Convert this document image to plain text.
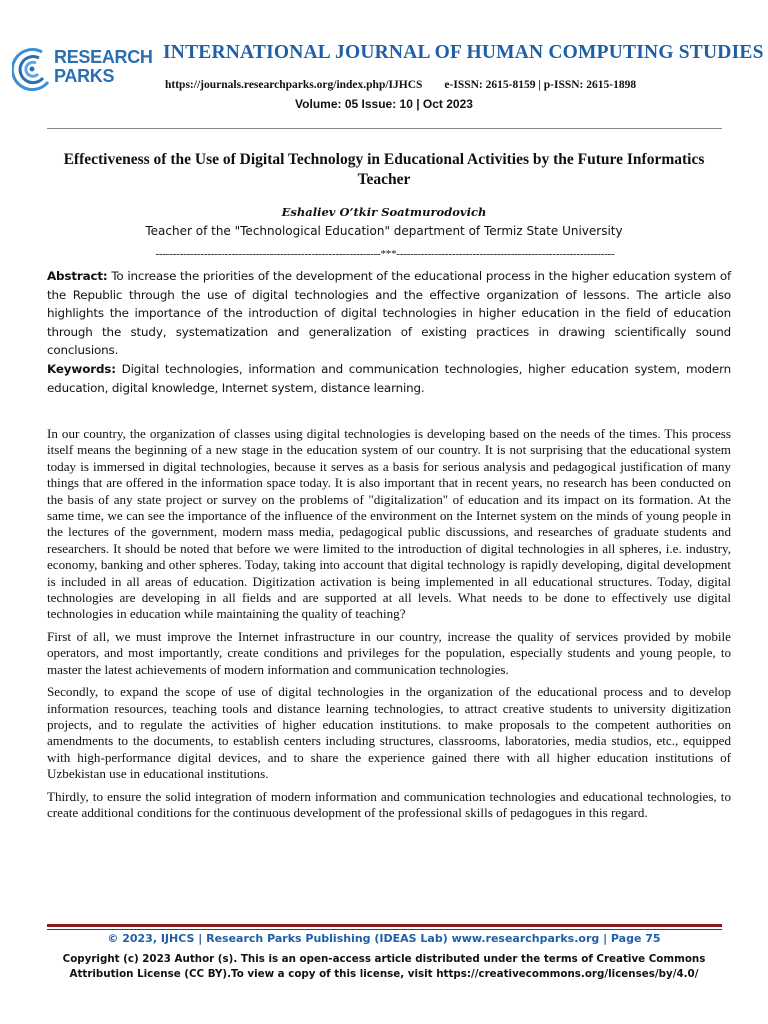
RESEARCH
PARKS
INTERNATIONAL JOURNAL OF HUMAN COMPUTING STUDIES
https://journals.researchparks.org/index.php/IJHCS e-ISSN: 2615-8159 | p-ISSN: 2615-1898
Volume: 05 Issue: 10 | Oct 2023
Effectiveness of the Use of Digital Technology in Educational Activities by the Future Informatics Teacher
Eshaliev O’tkir Soatmurodovich
Teacher of the "Technological Education" department of Termiz State University
-----------------------------------------------------------------***---------------------------------------------------------------
Abstract: To increase the priorities of the development of the educational process in the higher education system of the Republic through the use of digital technologies and the effective organization of lessons. The article also highlights the importance of the introduction of digital technologies in higher education in the field of education through the study, systematization and generalization of existing practices in drawing scientifically sound conclusions.
Keywords: Digital technologies, information and communication technologies, higher education system, modern education, digital knowledge, Internet system, distance learning.

In our country, the organization of classes using digital technologies is developing based on the needs of the times. This process itself means the beginning of a new stage in the education system of our country. It is not surprising that the educational system today is immersed in digital technologies, because it serves as a basis for serious analysis and pedagogical justification of many things that are offered in the information space today. It is also important that in recent years, no research has been conducted on the basis of any state project or survey on the problems of "digitalization" of education and its impact on its formation. At the same time, we can see the importance of the influence of the environment on the Internet system on the minds of young people in the lectures of the government, modern mass media, pedagogical public discussions, and researches of graduate students and researchers. It should be noted that before we were limited to the introduction of digital technologies in all spheres, i.e. industry, economy, banking and other spheres. Today, taking into account that digital technology is rapidly developing, digital development is included in all areas of education. Digitization activation is being implemented in all educational structures. Today, digital technologies are developing in all fields and are supported at all levels. What needs to be done to effectively use digital technologies in education while maintaining the quality of teaching?

First of all, we must improve the Internet infrastructure in our country, increase the quality of services provided by mobile operators, and most importantly, create conditions and privileges for the population, especially students and young people, to master the latest achievements of modern information and communication technologies.

Secondly, to expand the scope of use of digital technologies in the organization of the educational process and to develop information resources, teaching tools and distance learning technologies, to attract creative students to university digitization projects, and to regulate the activities of higher education institutions. to make proposals to the competent authorities on amendments to the documents, to establish centers including structures, classrooms, laboratories, media studios, etc., equipped with high-performance digital devices, and to share the experience gained there with all higher education institutions of Uzbekistan use in educational institutions.

Thirdly, to ensure the solid integration of modern information and communication technologies and educational technologies, to create additional conditions for the continuous development of the professional skills of pedagogues in this regard.

© 2023, IJHCS | Research Parks Publishing (IDEAS Lab) www.researchparks.org | Page 75
Copyright (c) 2023 Author (s). This is an open-access article distributed under the terms of Creative Commons
Attribution License (CC BY).To view a copy of this license, visit https://creativecommons.org/licenses/by/4.0/
